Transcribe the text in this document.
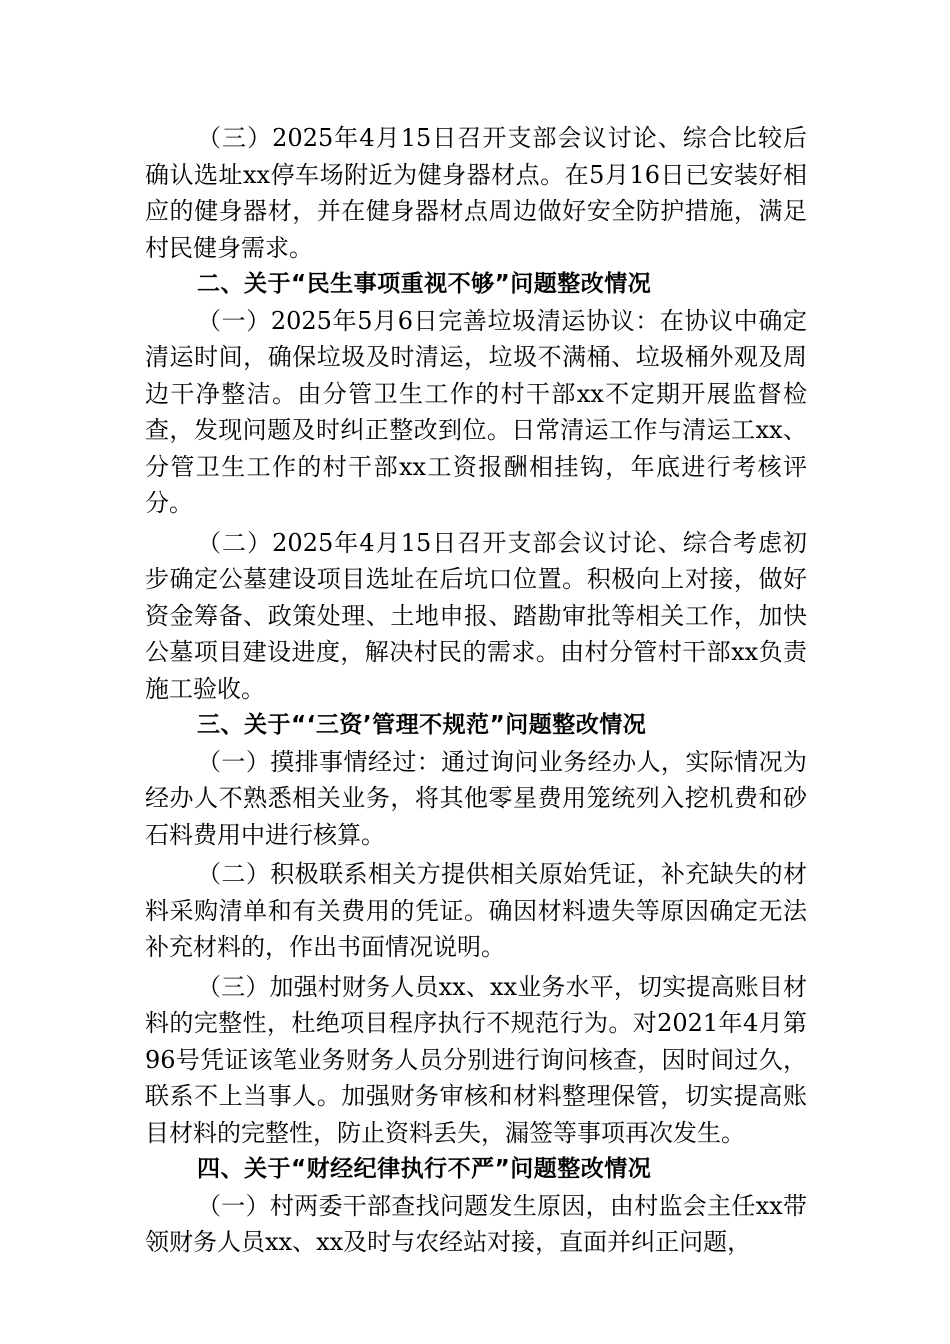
（三）2025年4月15日召开支部会议讨论、综合比较后确认选址xx停车场附近为健身器材点。在5月16日已安装好相应的健身器材，并在健身器材点周边做好安全防护措施，满足村民健身需求。

二、关于“民生事项重视不够”问题整改情况

（一）2025年5月6日完善垃圾清运协议：在协议中确定清运时间，确保垃圾及时清运，垃圾不满桶、垃圾桶外观及周边干净整洁。由分管卫生工作的村干部xx不定期开展监督检查，发现问题及时纠正整改到位。日常清运工作与清运工xx、分管卫生工作的村干部xx工资报酬相挂钩，年底进行考核评分。

（二）2025年4月15日召开支部会议讨论、综合考虑初步确定公墓建设项目选址在后坑口位置。积极向上对接，做好资金筹备、政策处理、土地申报、踏勘审批等相关工作，加快公墓项目建设进度，解决村民的需求。由村分管村干部xx负责施工验收。

三、关于“‘三资’管理不规范”问题整改情况

（一）摸排事情经过：通过询问业务经办人，实际情况为经办人不熟悉相关业务，将其他零星费用笼统列入挖机费和砂石料费用中进行核算。

（二）积极联系相关方提供相关原始凭证，补充缺失的材料采购清单和有关费用的凭证。确因材料遗失等原因确定无法补充材料的，作出书面情况说明。

（三）加强村财务人员xx、xx业务水平，切实提高账目材料的完整性，杜绝项目程序执行不规范行为。对2021年4月第96号凭证该笔业务财务人员分别进行询问核查，因时间过久，联系不上当事人。加强财务审核和材料整理保管，切实提高账目材料的完整性，防止资料丢失，漏签等事项再次发生。

四、关于“财经纪律执行不严”问题整改情况

（一）村两委干部查找问题发生原因，由村监会主任xx带领财务人员xx、xx及时与农经站对接，直面并纠正问题，
